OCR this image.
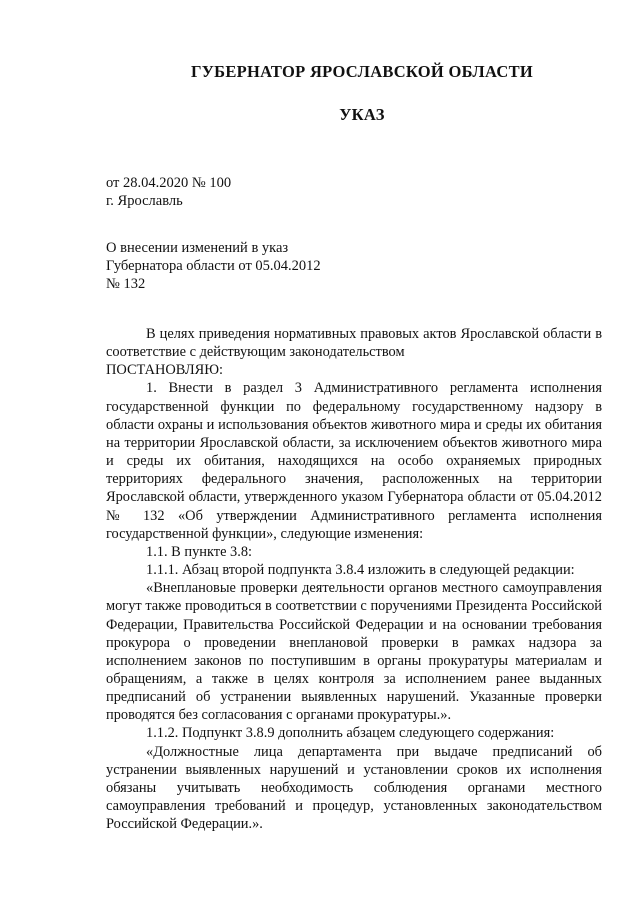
ГУБЕРНАТОР ЯРОСЛАВСКОЙ ОБЛАСТИ
УКАЗ
от 28.04.2020 № 100
г. Ярославль
О внесении изменений в указ
Губернатора области от 05.04.2012
№ 132

В целях приведения нормативных правовых актов Ярославской области в соответствие с действующим законодательством

ПОСТАНОВЛЯЮ:

1. Внести в раздел 3 Административного регламента исполнения государственной функции по федеральному государственному надзору в области охраны и использования объектов животного мира и среды их обитания на территории Ярославской области, за исключением объектов животного мира и среды их обитания, находящихся на особо охраняемых природных территориях федерального значения, расположенных на территории Ярославской области, утвержденного указом Губернатора области от 05.04.2012 № 132 «Об утверждении Административного регламента исполнения государственной функции», следующие изменения:

1.1. В пункте 3.8:

1.1.1. Абзац второй подпункта 3.8.4 изложить в следующей редакции:

«Внеплановые проверки деятельности органов местного самоуправления могут также проводиться в соответствии с поручениями Президента Российской Федерации, Правительства Российской Федерации и на основании требования прокурора о проведении внеплановой проверки в рамках надзора за исполнением законов по поступившим в органы прокуратуры материалам и обращениям, а также в целях контроля за исполнением ранее выданных предписаний об устранении выявленных нарушений. Указанные проверки проводятся без согласования с органами прокуратуры.».

1.1.2. Подпункт 3.8.9 дополнить абзацем следующего содержания:

«Должностные лица департамента при выдаче предписаний об устранении выявленных нарушений и установлении сроков их исполнения обязаны учитывать необходимость соблюдения органами местного самоуправления требований и процедур, установленных законодательством Российской Федерации.».
